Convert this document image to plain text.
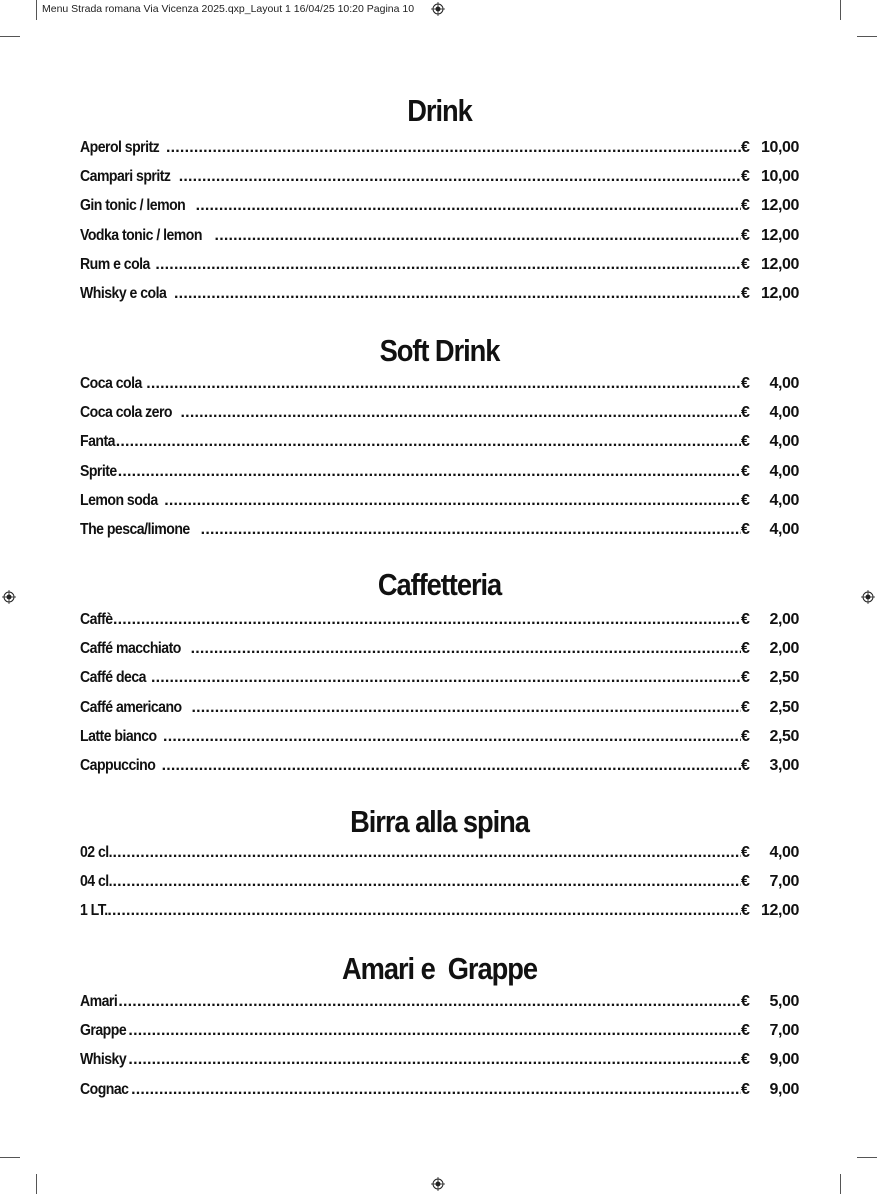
Menu Strada romana Via Vicenza 2025.qxp_Layout 1 16/04/25 10:20 Pagina 10
Drink
Aperol spritz .....	€ 10,00
Campari spritz .....	€ 10,00
Gin tonic / lemon .....	€ 12,00
Vodka tonic / lemon .....	€ 12,00
Rum e cola .....	€ 12,00
Whisky e cola .....	€ 12,00
Soft Drink
Coca cola .....	€ 4,00
Coca cola zero .....	€ 4,00
Fanta .....	€ 4,00
Sprite .....	€ 4,00
Lemon soda .....	€ 4,00
The pesca/limone .....	€ 4,00
Caffetteria
Caffè .....	€ 2,00
Caffé macchiato .....	€ 2,00
Caffé deca .....	€ 2,50
Caffé americano .....	€ 2,50
Latte bianco .....	€ 2,50
Cappuccino .....	€ 3,00
Birra alla spina
02 cl. .....	€ 4,00
04 cl. .....	€ 7,00
1 LT. .....	€ 12,00
Amari e  Grappe
Amari .....	€ 5,00
Grappe .....	€ 7,00
Whisky .....	€ 9,00
Cognac .....	€ 9,00
